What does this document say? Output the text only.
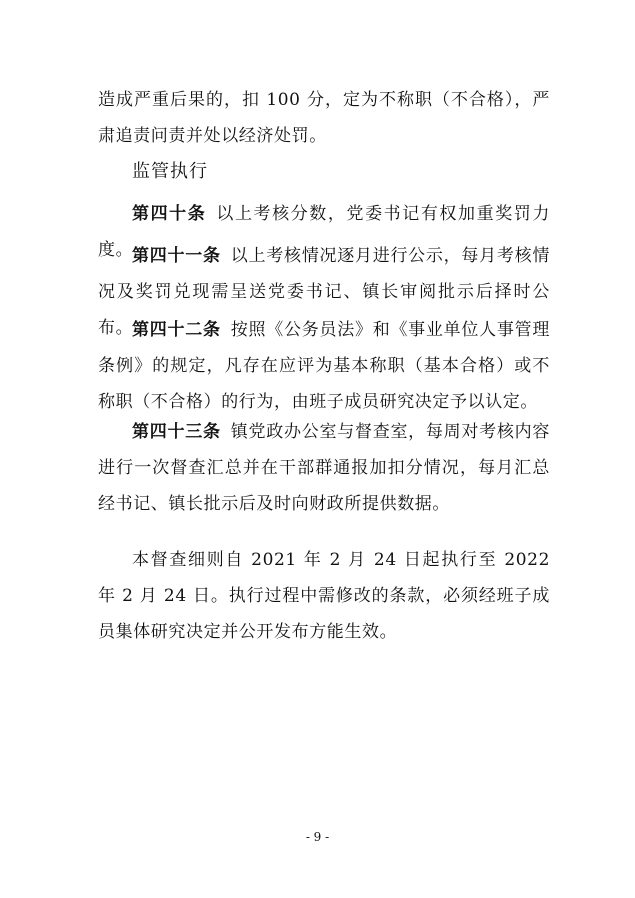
造成严重后果的，扣 100 分，定为不称职（不合格），严肃追责问责并处以经济处罚。

监管执行

第四十条 以上考核分数，党委书记有权加重奖罚力度。

第四十一条 以上考核情况逐月进行公示，每月考核情况及奖罚兑现需呈送党委书记、镇长审阅批示后择时公布。

第四十二条 按照《公务员法》和《事业单位人事管理条例》的规定，凡存在应评为基本称职（基本合格）或不称职（不合格）的行为，由班子成员研究决定予以认定。

第四十三条 镇党政办公室与督查室，每周对考核内容进行一次督查汇总并在干部群通报加扣分情况，每月汇总经书记、镇长批示后及时向财政所提供数据。

本督查细则自 2021 年 2 月 24 日起执行至 2022 年 2 月 24 日。执行过程中需修改的条款，必须经班子成员集体研究决定并公开发布方能生效。

- 9 -
